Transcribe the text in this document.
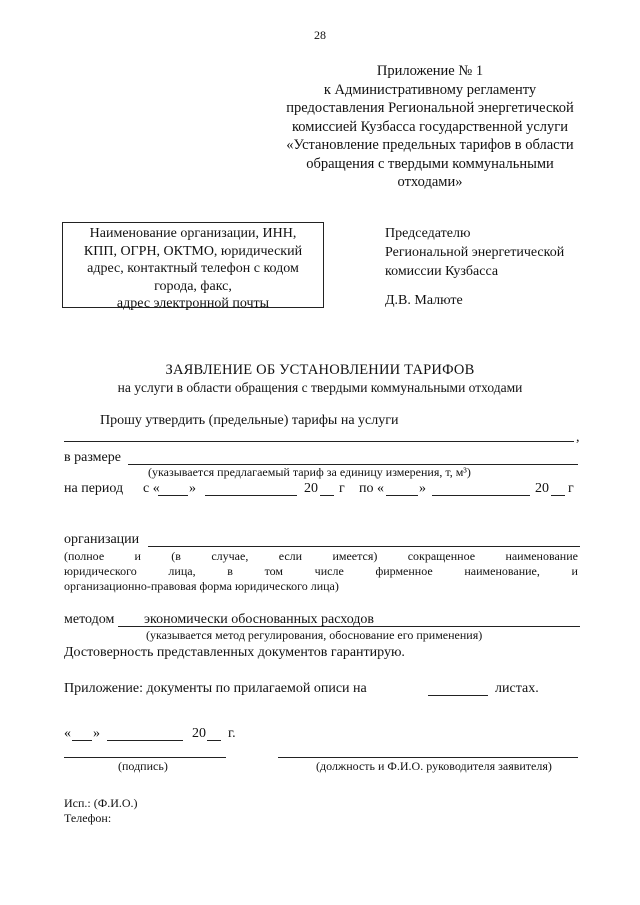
28
Приложение № 1
к Административному регламенту
предоставления Региональной энергетической
комиссией Кузбасса государственной услуги
«Установление предельных тарифов в области
обращения с твердыми коммунальными
отходами»
Наименование организации, ИНН,
КПП, ОГРН, ОКТМО, юридический
адрес, контактный телефон с кодом
города, факс,
адрес электронной почты
Председателю
Региональной энергетической
комиссии Кузбасса
Д.В. Малюте
ЗАЯВЛЕНИЕ ОБ УСТАНОВЛЕНИИ ТАРИФОВ
на услуги в области обращения с твердыми коммунальными отходами
Прошу утвердить (предельные) тарифы на услуги
,
в размере
(указывается предлагаемый тариф за единицу измерения, т, м³)
на период с « »	20 г по «	»	20 г
организации
(полное	и	(в	случае,	если	имеется)	сокращенное	наименование
юридического	лица,	в	том	числе	фирменное	наименование,	и
организационно-правовая форма юридического лица)
методом экономически обоснованных расходов
(указывается метод регулирования, обоснование его применения)
Достоверность представленных документов гарантирую.
Приложение: документы по прилагаемой описи на	листах.
« »	20 г.
(подпись)	(должность и Ф.И.О. руководителя заявителя)
Исп.: (Ф.И.О.)
Телефон:
